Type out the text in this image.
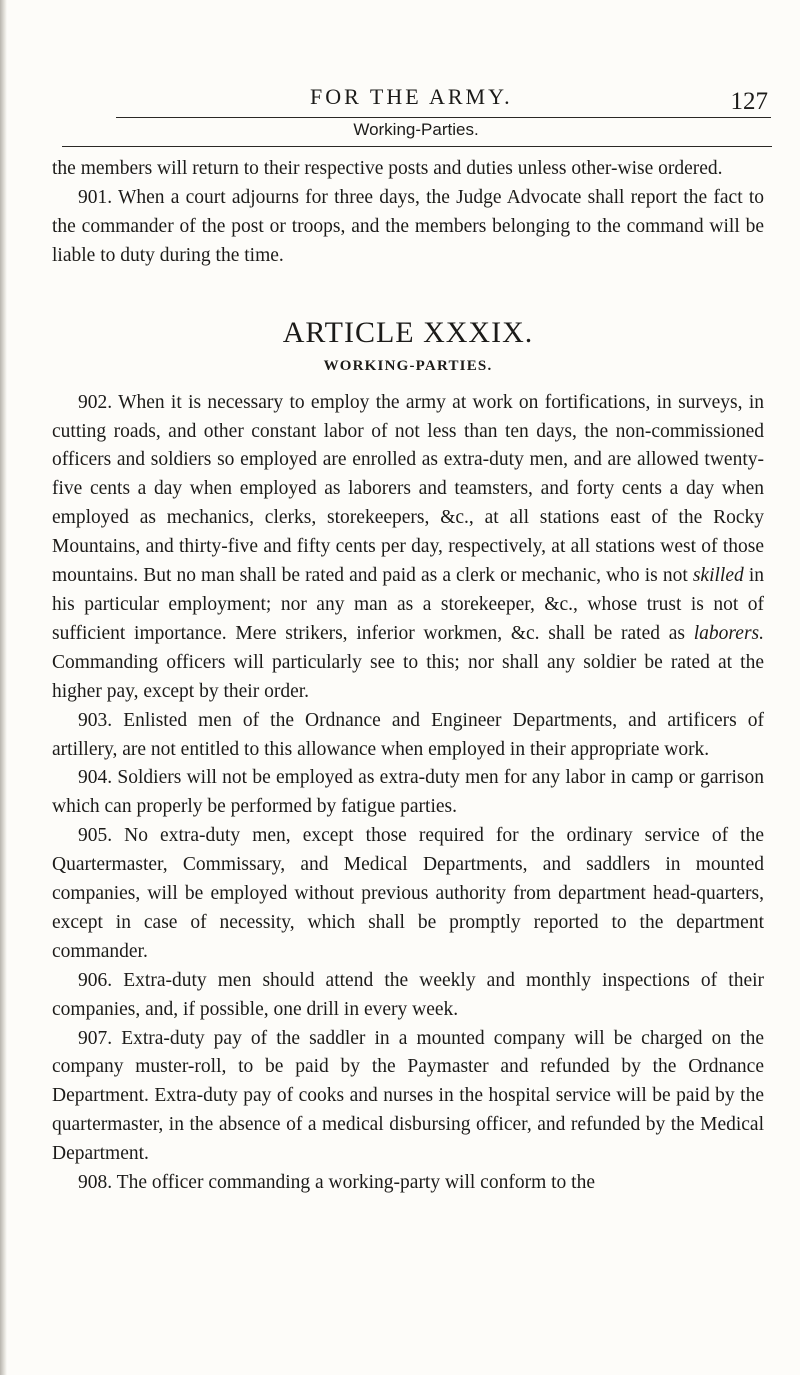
FOR THE ARMY.	127
Working-Parties.

the members will return to their respective posts and duties unless other-wise ordered.

901. When a court adjourns for three days, the Judge Advocate shall report the fact to the commander of the post or troops, and the members belonging to the command will be liable to duty during the time.

ARTICLE XXXIX.
WORKING-PARTIES.

902. When it is necessary to employ the army at work on fortifications, in surveys, in cutting roads, and other constant labor of not less than ten days, the non-commissioned officers and soldiers so employed are enrolled as extra-duty men, and are allowed twenty-five cents a day when employed as laborers and teamsters, and forty cents a day when employed as mechanics, clerks, storekeepers, &c., at all stations east of the Rocky Mountains, and thirty-five and fifty cents per day, respectively, at all stations west of those mountains. But no man shall be rated and paid as a clerk or mechanic, who is not skilled in his particular employment; nor any man as a storekeeper, &c., whose trust is not of sufficient importance. Mere strikers, inferior workmen, &c. shall be rated as laborers. Commanding officers will particularly see to this; nor shall any soldier be rated at the higher pay, except by their order.

903. Enlisted men of the Ordnance and Engineer Departments, and artificers of artillery, are not entitled to this allowance when employed in their appropriate work.

904. Soldiers will not be employed as extra-duty men for any labor in camp or garrison which can properly be performed by fatigue parties.

905. No extra-duty men, except those required for the ordinary service of the Quartermaster, Commissary, and Medical Departments, and saddlers in mounted companies, will be employed without previous authority from department head-quarters, except in case of necessity, which shall be promptly reported to the department commander.

906. Extra-duty men should attend the weekly and monthly inspections of their companies, and, if possible, one drill in every week.

907. Extra-duty pay of the saddler in a mounted company will be charged on the company muster-roll, to be paid by the Paymaster and refunded by the Ordnance Department. Extra-duty pay of cooks and nurses in the hospital service will be paid by the quartermaster, in the absence of a medical disbursing officer, and refunded by the Medical Department.

908. The officer commanding a working-party will conform to the
